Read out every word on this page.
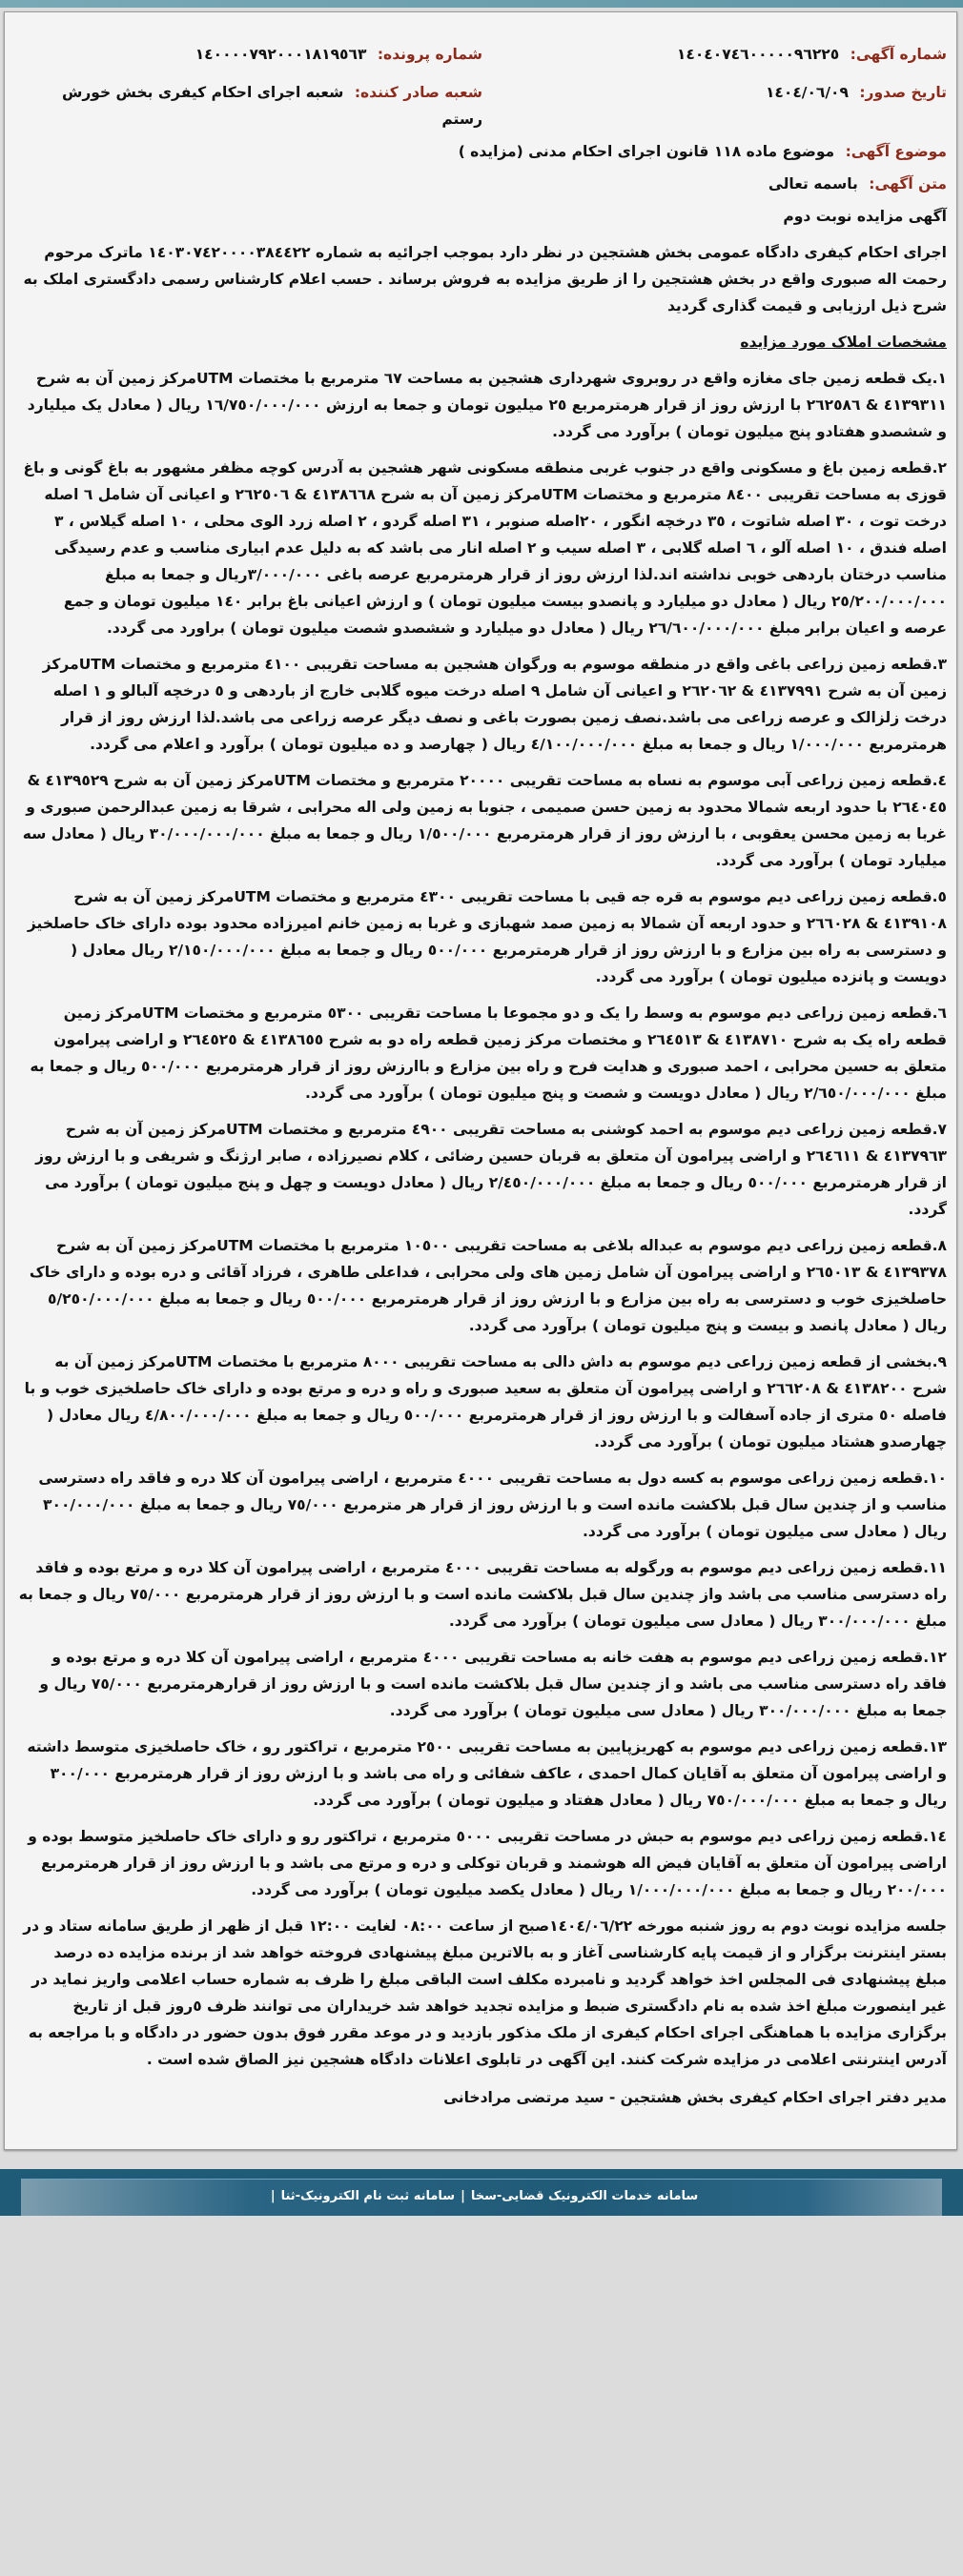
شماره آگهی: ١٤٠٤٠٧٤٦٠٠٠٠٠٩٦٢٢٥
شماره پرونده: ١٤٠٠٠٠٧٩٢٠٠٠١٨١٩٥٦٣
تاریخ صدور: ١٤٠٤/٠٦/٠٩
شعبه صادر کننده: شعبه اجرای احکام کیفری بخش خورش رستم
موضوع آگهی: موضوع ماده ١١٨ قانون اجرای احکام مدنی (مزایده )
متن آگهی: باسمه تعالی

آگهی مزایده نوبت دوم

اجرای احکام کیفری دادگاه عمومی بخش هشتجین در نظر دارد بموجب اجرائیه به شماره ١٤٠٣٠٧٤٢٠٠٠٠٣٨٤٤٢٢ ماترک مرحوم رحمت اله صبوری واقع در بخش هشتجین را از طریق مزایده به فروش برساند . حسب اعلام کارشناس رسمی دادگستری املک به شرح ذیل ارزیابی و قیمت گذاری گردید

مشخصات املاک مورد مزایده

١.یک قطعه زمین جای مغازه واقع در روبروی شهرداری هشجین به مساحت ٦٧ مترمربع با مختصات UTMمرکز زمین آن به شرح ٤١٣٩٣١١ & ٢٦٢٥٨٦ با ارزش روز از قرار هرمترمربع ٢٥ میلیون تومان و جمعا به ارزش ١٦/٧٥٠/٠٠٠/٠٠٠ ریال ( معادل یک میلیارد و ششصدو هفتادو پنج میلیون تومان ) برآورد می گردد.

٢.قطعه زمین باغ و مسکونی واقع در جنوب غربی منطقه مسکونی شهر هشجین به آدرس کوچه مظفر مشهور به باغ گونی و باغ قوزی به مساحت تقریبی ٨٤٠٠ مترمربع و مختصات UTMمرکز زمین آن به شرح ٤١٣٨٦٦٨ & ٢٦٢٥٠٦ و اعیانی آن شامل ٦ اصله درخت توت ، ٣٠ اصله شاتوت ، ٣٥ درخچه انگور ، ٢٠اصله صنوبر ، ٣١ اصله گردو ، ٢ اصله زرد الوی محلی ، ١٠ اصله گیلاس ، ٣ اصله فندق ، ١٠ اصله آلو ، ٦ اصله گلابی ، ٣ اصله سیب و ٢ اصله انار می باشد که به دلیل عدم ابیاری مناسب و عدم رسیدگی مناسب درختان باردهی خوبی نداشته اند.لذا ارزش روز از قرار هرمترمربع عرصه باغی ٣/٠٠٠/٠٠٠ریال و جمعا به مبلغ ٢٥/٢٠٠/٠٠٠/٠٠٠ ریال ( معادل دو میلیارد و پانصدو بیست میلیون تومان ) و ارزش اعیانی باغ برابر ١٤٠ میلیون تومان و جمع عرصه و اعیان برابر مبلغ ٢٦/٦٠٠/٠٠٠/٠٠٠ ریال ( معادل دو میلیارد و ششصدو شصت میلیون تومان ) براورد می گردد.

٣.قطعه زمین زراعی باغی واقع در منطقه موسوم به ورگوان هشجین به مساحت تقریبی ٤١٠٠ مترمربع و مختصات UTMمرکز زمین آن به شرح ٤١٣٧٩٩١ & ٢٦٢٠٦٢ و اعیانی آن شامل ٩ اصله درخت میوه گلابی خارج از باردهی و ٥ درخچه آلبالو و ١ اصله درخت زلزالک و عرصه زراعی می باشد.نصف زمین بصورت باغی و نصف دیگر عرصه زراعی می باشد.لذا ارزش روز از قرار هرمترمربع ١/٠٠٠/٠٠٠ ریال و جمعا به مبلغ ٤/١٠٠/٠٠٠/٠٠٠ ریال ( چهارصد و ده میلیون تومان ) برآورد و اعلام می گردد.

٤.قطعه زمین زراعی آبی موسوم به نساه به مساحت تقریبی ٢٠٠٠٠ مترمربع و مختصات UTMمرکز زمین آن به شرح ٤١٣٩٥٢٩ & ٢٦٤٠٤٥ با حدود اربعه شمالا محدود به زمین حسن صمیمی ، جنوبا به زمین ولی اله محرابی ، شرقا به زمین عبدالرحمن صبوری و غربا به زمین محسن یعقوبی ، با ارزش روز از قرار هرمترمربع ١/٥٠٠/٠٠٠ ریال و جمعا به مبلغ ٣٠/٠٠٠/٠٠٠/٠٠٠ ریال ( معادل سه میلیارد تومان ) برآورد می گردد.

٥.قطعه زمین زراعی دیم موسوم به قره جه قیی با مساحت تقریبی ٤٣٠٠ مترمربع و مختصات UTMمرکز زمین آن به شرح ٤١٣٩١٠٨ & ٢٦٦٠٢٨ و حدود اربعه آن شمالا به زمین صمد شهبازی و غربا به زمین خانم امیرزاده محدود بوده دارای خاک حاصلخیز و دسترسی به راه بین مزارع و با ارزش روز از قرار هرمترمربع ٥٠٠/٠٠٠ ریال و جمعا به مبلغ ٢/١٥٠/٠٠٠/٠٠٠ ریال معادل ( دویست و پانزده میلیون تومان ) برآورد می گردد.

٦.قطعه زمین زراعی دیم موسوم به وسط را یک و دو مجموعا با مساحت تقریبی ٥٣٠٠ مترمربع و مختصات UTMمرکز زمین قطعه راه یک به شرح ٤١٣٨٧١٠ & ٢٦٤٥١٣ و مختصات مرکز زمین قطعه راه دو به شرح ٤١٣٨٦٥٥ & ٢٦٤٥٢٥ و اراضی پیرامون متعلق به حسین محرابی ، احمد صبوری و هدایت فرح و راه بین مزارع و باارزش روز از قرار هرمترمربع ٥٠٠/٠٠٠ ریال و جمعا به مبلغ ٢/٦٥٠/٠٠٠/٠٠٠ ریال ( معادل دویست و شصت و پنج میلیون تومان ) برآورد می گردد.

٧.قطعه زمین زراعی دیم موسوم به احمد کوشنی به مساحت تقریبی ٤٩٠٠ مترمربع و مختصات UTMمرکز زمین آن به شرح ٤١٣٧٩٦٣ & ٢٦٤٦١١ و اراضی پیرامون آن متعلق به قربان حسین رضائی ، کلام نصیرزاده ، صابر ارژنگ و شریفی و با ارزش روز از قرار هرمترمربع ٥٠٠/٠٠٠ ریال و جمعا به مبلغ ٢/٤٥٠/٠٠٠/٠٠٠ ریال ( معادل دویست و چهل و پنج میلیون تومان ) برآورد می گردد.

٨.قطعه زمین زراعی دیم موسوم به عبداله بلاغی به مساحت تقریبی ١٠٥٠٠ مترمربع با مختصات UTMمرکز زمین آن به شرح ٤١٣٩٣٧٨ & ٢٦٥٠١٣ و اراضی پیرامون آن شامل زمین های ولی محرابی ، فداعلی طاهری ، فرزاد آقائی و دره بوده و دارای خاک حاصلخیزی خوب و دسترسی به راه بین مزارع و با ارزش روز از قرار هرمترمربع ٥٠٠/٠٠٠ ریال و جمعا به مبلغ ٥/٢٥٠/٠٠٠/٠٠٠ ریال ( معادل پانصد و بیست و پنج میلیون تومان ) برآورد می گردد.

٩.بخشی از قطعه زمین زراعی دیم موسوم به داش دالی به مساحت تقریبی ٨٠٠٠ مترمربع با مختصات UTMمرکز زمین آن به شرح ٤١٣٨٢٠٠ & ٢٦٦٢٠٨ و اراضی پیرامون آن متعلق به سعید صبوری و راه و دره و مرتع بوده و دارای خاک حاصلخیزی خوب و با فاصله ٥٠ متری از جاده آسفالت و با ارزش روز از قرار هرمترمربع ٥٠٠/٠٠٠ ریال و جمعا به مبلغ ٤/٨٠٠/٠٠٠/٠٠٠ ریال معادل ( چهارصدو هشتاد میلیون تومان ) برآورد می گردد.

١٠.قطعه زمین زراعی موسوم به کسه دول به مساحت تقریبی ٤٠٠٠ مترمربع ، اراضی پیرامون آن کلا دره و فاقد راه دسترسی مناسب و از چندین سال قبل بلاکشت مانده است و با ارزش روز از قرار هر مترمربع ٧٥/٠٠٠ ریال و جمعا به مبلغ ٣٠٠/٠٠٠/٠٠٠ ریال ( معادل سی میلیون تومان ) برآورد می گردد.

١١.قطعه زمین زراعی دیم موسوم به ورگوله به مساحت تقریبی ٤٠٠٠ مترمربع ، اراضی پیرامون آن کلا دره و مرتع بوده و فاقد راه دسترسی مناسب می باشد واز چندین سال قبل بلاکشت مانده است و با ارزش روز از قرار هرمترمربع ٧٥/٠٠٠ ریال و جمعا به مبلغ ٣٠٠/٠٠٠/٠٠٠ ریال ( معادل سی میلیون تومان ) برآورد می گردد.

١٢.قطعه زمین زراعی دیم موسوم به هفت خانه به مساحت تقریبی ٤٠٠٠ مترمربع ، اراضی پیرامون آن کلا دره و مرتع بوده و فاقد راه دسترسی مناسب می باشد و از چندین سال قبل بلاکشت مانده است و با ارزش روز از قرارهرمترمربع ٧٥/٠٠٠ ریال و جمعا به مبلغ ٣٠٠/٠٠٠/٠٠٠ ریال ( معادل سی میلیون تومان ) برآورد می گردد.

١٣.قطعه زمین زراعی دیم موسوم به کهریزپایین به مساحت تقریبی ٢٥٠٠ مترمربع ، تراکتور رو ، خاک حاصلخیزی متوسط داشته و اراضی پیرامون آن متعلق به آقایان کمال احمدی ، عاکف شفائی و راه می باشد و با ارزش روز از قرار هرمترمربع ٣٠٠/٠٠٠ ریال و جمعا به مبلغ ٧٥٠/٠٠٠/٠٠٠ ریال ( معادل هفتاد و میلیون تومان ) برآورد می گردد.

١٤.قطعه زمین زراعی دیم موسوم به حبش در مساحت تقریبی ٥٠٠٠ مترمربع ، تراکتور رو و دارای خاک حاصلخیز متوسط بوده و اراضی پیرامون آن متعلق به آقایان فیض اله هوشمند و قربان توکلی و دره و مرتع می باشد و با ارزش روز از قرار هرمترمربع ٢٠٠/٠٠٠ ریال و جمعا به مبلغ ١/٠٠٠/٠٠٠/٠٠٠ ریال ( معادل یکصد میلیون تومان ) برآورد می گردد.

جلسه مزایده نوبت دوم به روز شنبه مورخه ١٤٠٤/٠٦/٢٢صبح از ساعت ٠٨:٠٠ لغایت ١٢:٠٠ قبل از ظهر از طریق سامانه ستاد و در بستر اینترنت برگزار و از قیمت پایه کارشناسی آغاز و به بالاترین مبلغ پیشنهادی فروخته خواهد شد از برنده مزایده ده درصد مبلغ پیشنهادی فی المجلس اخذ خواهد گردید و نامبرده مکلف است الباقی مبلغ را ظرف به شماره حساب اعلامی واریز نماید در غیر اینصورت مبلغ اخذ شده به نام دادگستری ضبط و مزایده تجدید خواهد شد خریداران می توانند ظرف ٥روز قبل از تاریخ برگزاری مزایده با هماهنگی اجرای احکام کیفری از ملک مذکور بازدید و در موعد مقرر فوق بدون حضور در دادگاه و با مراجعه به آدرس اینترنتی اعلامی در مزایده شرکت کنند. این آگهی در تابلوی اعلانات دادگاه هشجین نیز الصاق شده است .

مدیر دفتر اجرای احکام کیفری بخش هشتجین - سید مرتضی مرادخانی

سامانه خدمات الکترونیک قضایی-سخا|سامانه ثبت نام الکترونیک-ثنا|
